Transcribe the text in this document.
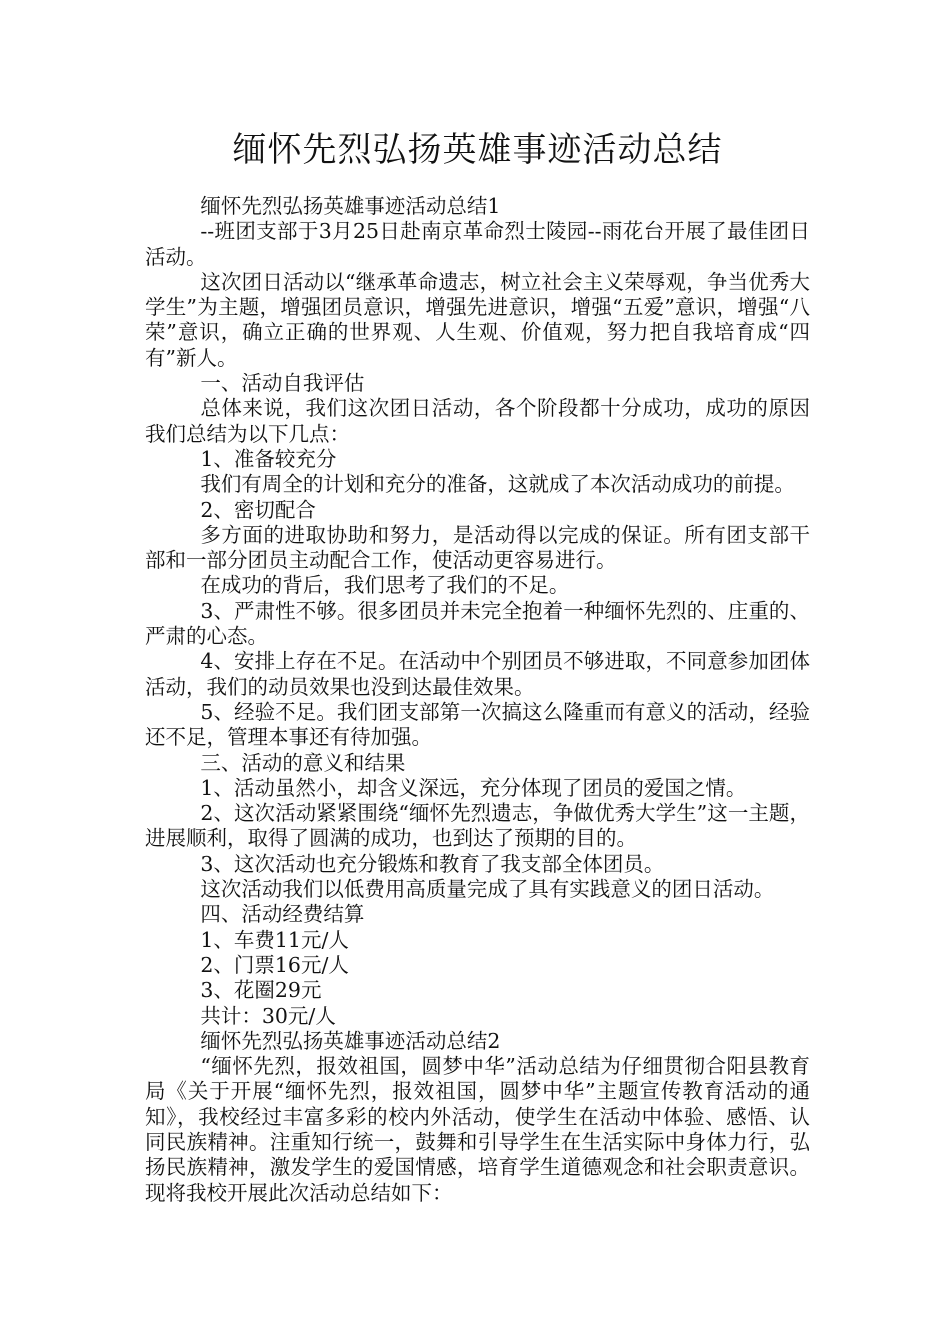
缅怀先烈弘扬英雄事迹活动总结

缅怀先烈弘扬英雄事迹活动总结1

--班团支部于3月25日赴南京革命烈士陵园--雨花台开展了最佳团日活动。

这次团日活动以“继承革命遗志，树立社会主义荣辱观，争当优秀大学生”为主题，增强团员意识，增强先进意识，增强“五爱”意识，增强“八荣”意识，确立正确的世界观、人生观、价值观，努力把自我培育成“四有”新人。

一、活动自我评估

总体来说，我们这次团日活动，各个阶段都十分成功，成功的原因我们总结为以下几点：

1、准备较充分

我们有周全的计划和充分的准备，这就成了本次活动成功的前提。

2、密切配合

多方面的进取协助和努力，是活动得以完成的保证。所有团支部干部和一部分团员主动配合工作，使活动更容易进行。

在成功的背后，我们思考了我们的不足。

3、严肃性不够。很多团员并未完全抱着一种缅怀先烈的、庄重的、严肃的心态。

4、安排上存在不足。在活动中个别团员不够进取，不同意参加团体活动，我们的动员效果也没到达最佳效果。

5、经验不足。我们团支部第一次搞这么隆重而有意义的活动，经验还不足，管理本事还有待加强。

三、活动的意义和结果

1、活动虽然小，却含义深远，充分体现了团员的爱国之情。

2、这次活动紧紧围绕“缅怀先烈遗志，争做优秀大学生”这一主题，进展顺利，取得了圆满的成功，也到达了预期的目的。

3、这次活动也充分锻炼和教育了我支部全体团员。

这次活动我们以低费用高质量完成了具有实践意义的团日活动。

四、活动经费结算

1、车费11元/人

2、门票16元/人

3、花圈29元

共计：30元/人

缅怀先烈弘扬英雄事迹活动总结2

“缅怀先烈，报效祖国，圆梦中华”活动总结为仔细贯彻合阳县教育局《关于开展“缅怀先烈，报效祖国，圆梦中华”主题宣传教育活动的通知》，我校经过丰富多彩的校内外活动，使学生在活动中体验、感悟、认同民族精神。注重知行统一，鼓舞和引导学生在生活实际中身体力行，弘扬民族精神，激发学生的爱国情感，培育学生道德观念和社会职责意识。现将我校开展此次活动总结如下：
